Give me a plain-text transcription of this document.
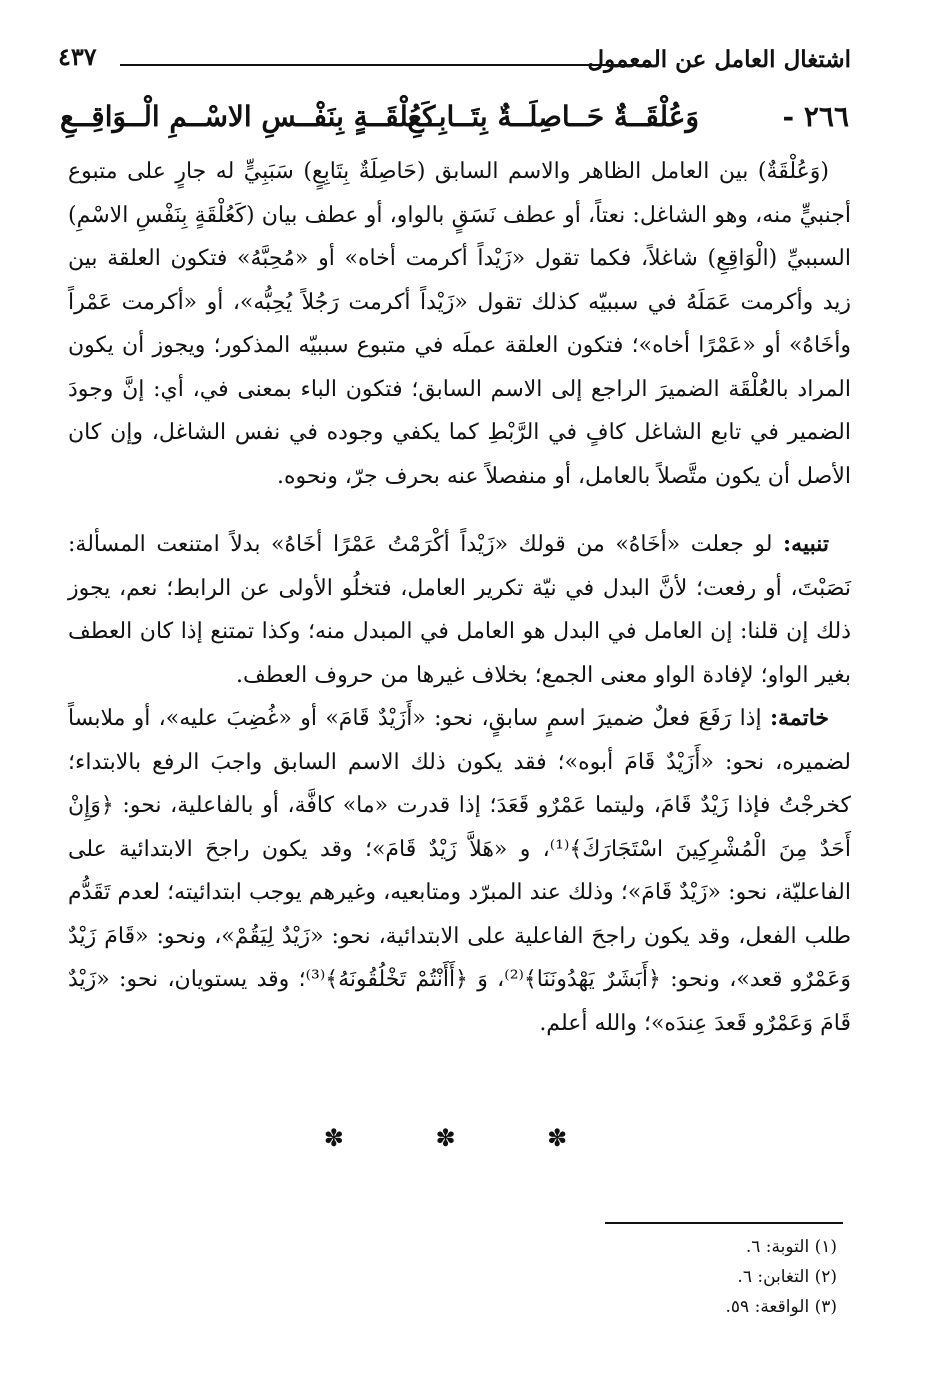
اشتغال العامل عن المعمول
٤٣٧
٢٦٦ -
وَعُلْقَــةٌ حَــاصِلَــةٌ بِتَــابِــعِ
كَعُلْقَــةٍ بِنَفْــسِ الاسْــمِ الْــوَاقِــعِ

(وَعُلْقَةٌ) بين العامل الظاهر والاسم السابق (حَاصِلَةٌ بِتَابِعٍ) سَبَبِيٍّ له جارٍ على متبوع أجنبيٍّ منه، وهو الشاغل: نعتاً، أو عطف نَسَقٍ بالواو، أو عطف بيان (كَعُلْقَةٍ بِنَفْسِ الاسْمِ) السببيِّ (الْوَاقِعِ) شاغلاً، فكما تقول «زَيْداً أكرمت أخاه» أو «مُحِبَّهُ» فتكون العلقة بين زيد وأكرمت عَمَلَهُ في سببيّه كذلك تقول «زَيْداً أكرمت رَجُلاً يُحِبُّه»، أو «أكرمت عَمْراً وأخَاهُ» أو «عَمْرًا أخاه»؛ فتكون العلقة عملَه في متبوع سببيّه المذكور؛ ويجوز أن يكون المراد بالعُلْقَة الضميرَ الراجع إلى الاسم السابق؛ فتكون الباء بمعنى في، أي: إنَّ وجودَ الضمير في تابع الشاغل كافٍ في الرَّبْطِ كما يكفي وجوده في نفس الشاغل، وإن كان الأصل أن يكون متَّصلاً بالعامل، أو منفصلاً عنه بحرف جرّ، ونحوه.

تنبيه: لو جعلت «أخَاهُ» من قولك «زَيْداً أكْرَمْتُ عَمْرًا أخَاهُ» بدلاً امتنعت المسألة: نَصَبْتَ، أو رفعت؛ لأنَّ البدل في نيّة تكرير العامل، فتخلُو الأولى عن الرابط؛ نعم، يجوز ذلك إن قلنا: إن العامل في البدل هو العامل في المبدل منه؛ وكذا تمتنع إذا كان العطف بغير الواو؛ لإفادة الواو معنى الجمع؛ بخلاف غيرها من حروف العطف.

خاتمة: إذا رَفَعَ فعلٌ ضميرَ اسمٍ سابقٍ، نحو: «أَزَيْدٌ قَامَ» أو «غُضِبَ عليه»، أو ملابساً لضميره، نحو: «أَزَيْدٌ قَامَ أبوه»؛ فقد يكون ذلك الاسم السابق واجبَ الرفع بالابتداء؛ كخرجْتُ فإذا زَيْدٌ قَامَ، وليتما عَمْرٌو قَعَدَ؛ إذا قدرت «ما» كافَّة، أو بالفاعلية، نحو: ﴿وَإِنْ أَحَدٌ مِنَ الْمُشْرِكِينَ اسْتَجَارَكَ﴾⁽¹⁾، و «هَلاَّ زَيْدٌ قَامَ»؛ وقد يكون راجحَ الابتدائية على الفاعليّة، نحو: «زَيْدٌ قَامَ»؛ وذلك عند المبرّد ومتابعيه، وغيرهم يوجب ابتدائيته؛ لعدم تَقَدُّم طلب الفعل، وقد يكون راجحَ الفاعلية على الابتدائية، نحو: «زَيْدٌ لِيَقُمْ»، ونحو: «قَامَ زَيْدٌ وَعَمْرٌو قعد»، ونحو: ﴿أَبَشَرٌ يَهْدُونَنَا﴾⁽²⁾، وَ ﴿أَأَنْتُمْ تَخْلُقُونَهُ﴾⁽³⁾؛ وقد يستويان، نحو: «زَيْدٌ قَامَ وَعَمْرٌو قَعدَ عِندَه»؛ والله أعلم.

✽ ✽ ✽
(١) التوبة: ٦.
(٢) التغابن: ٦.
(٣) الواقعة: ٥٩.
